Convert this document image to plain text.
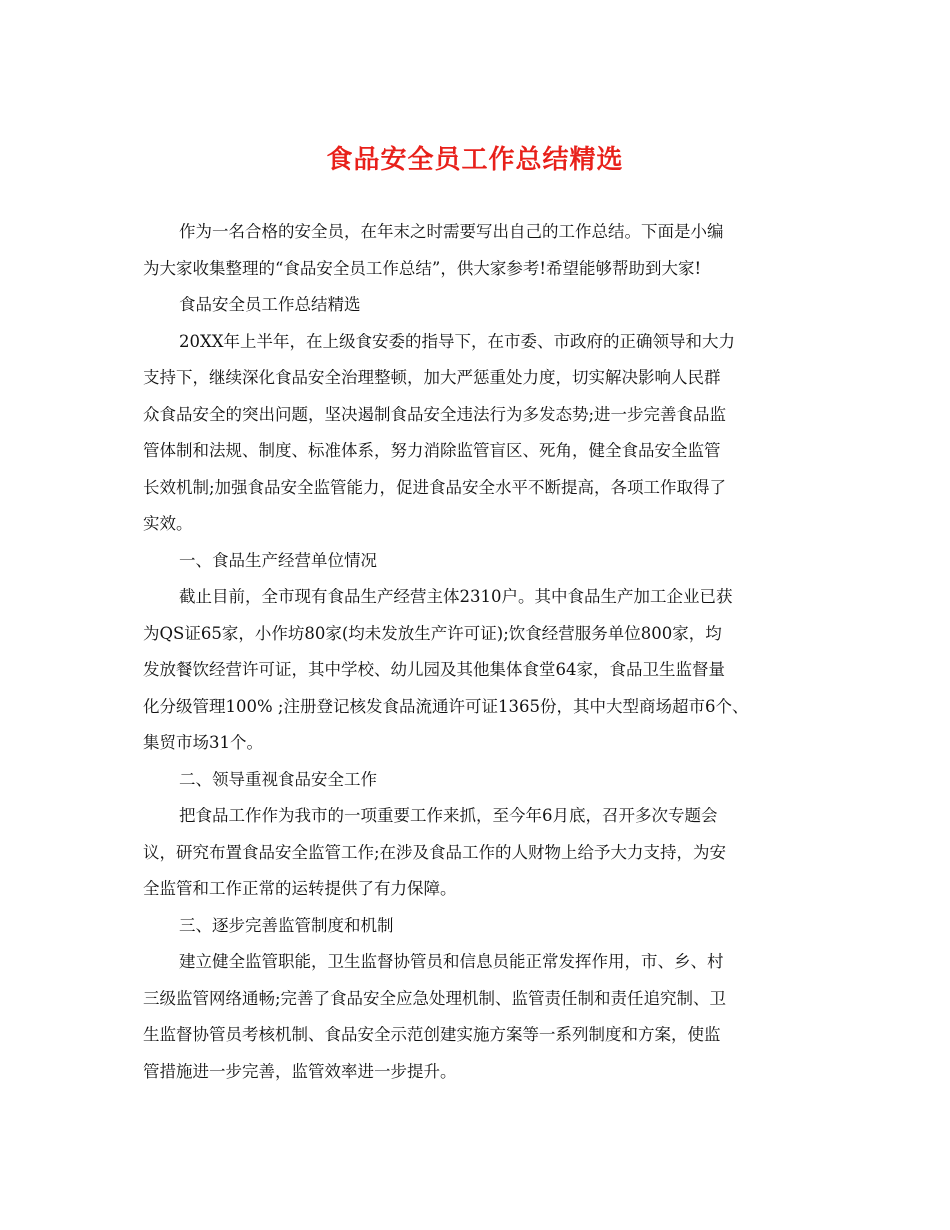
食品安全员工作总结精选
作为一名合格的安全员，在年末之时需要写出自己的工作总结。下面是小编
为大家收集整理的“食品安全员工作总结”，供大家参考!希望能够帮助到大家!
食品安全员工作总结精选
20XX年上半年，在上级食安委的指导下，在市委、市政府的正确领导和大力
支持下，继续深化食品安全治理整顿，加大严惩重处力度，切实解决影响人民群
众食品安全的突出问题，坚决遏制食品安全违法行为多发态势;进一步完善食品监
管体制和法规、制度、标准体系，努力消除监管盲区、死角，健全食品安全监管
长效机制;加强食品安全监管能力，促进食品安全水平不断提高，各项工作取得了
实效。
一、食品生产经营单位情况
截止目前，全市现有食品生产经营主体2310户。其中食品生产加工企业已获
为QS证65家，小作坊80家(均未发放生产许可证);饮食经营服务单位800家，均
发放餐饮经营许可证，其中学校、幼儿园及其他集体食堂64家，食品卫生监督量
化分级管理100% ;注册登记核发食品流通许可证1365份，其中大型商场超市6个、
集贸市场31个。
二、领导重视食品安全工作
把食品工作作为我市的一项重要工作来抓，至今年6月底，召开多次专题会
议，研究布置食品安全监管工作;在涉及食品工作的人财物上给予大力支持，为安
全监管和工作正常的运转提供了有力保障。
三、逐步完善监管制度和机制
建立健全监管职能，卫生监督协管员和信息员能正常发挥作用，市、乡、村
三级监管网络通畅;完善了食品安全应急处理机制、监管责任制和责任追究制、卫
生监督协管员考核机制、食品安全示范创建实施方案等一系列制度和方案，使监
管措施进一步完善，监管效率进一步提升。
